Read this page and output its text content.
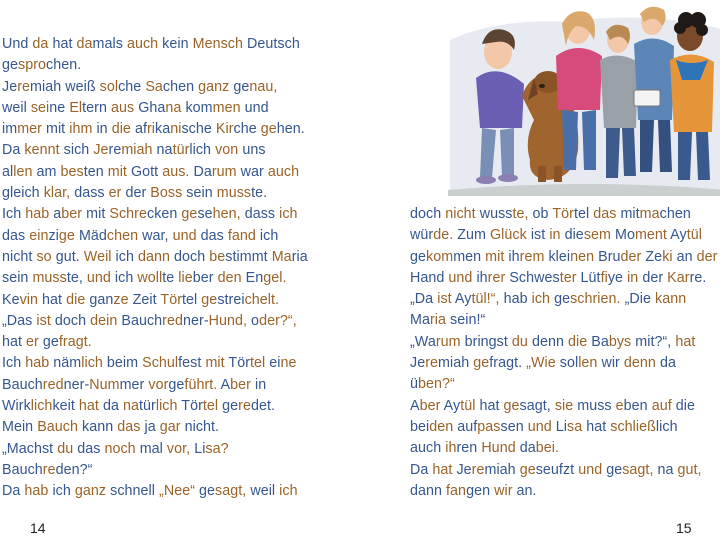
Und da hat damals auch kein Mensch Deutsch
gesprochen.
Jeremiah weiß solche Sachen ganz genau,
weil seine Eltern aus Ghana kommen und
immer mit ihm in die afrikanische Kirche gehen.
Da kennt sich Jeremiah natürlich von uns
allen am besten mit Gott aus. Darum war auch
gleich klar, dass er der Boss sein musste.
Ich hab aber mit Schrecken gesehen, dass ich
das einzige Mädchen war, und das fand ich
nicht so gut. Weil ich dann doch bestimmt Maria
sein musste, und ich wollte lieber den Engel.
Kevin hat die ganze Zeit Törtel gestreichelt.
„Das ist doch dein Bauchredner-Hund, oder?“,
hat er gefragt.
Ich hab nämlich beim Schulfest mit Törtel eine
Bauchredner-Nummer vorgeführt. Aber in
Wirklichkeit hat da natürlich Törtel geredet.
Mein Bauch kann das ja gar nicht.
„Machst du das noch mal vor, Lisa?
Bauchreden?“
Da hab ich ganz schnell „Nee“ gesagt, weil ich
14
doch nicht wusste, ob Törtel das mitmachen
würde. Zum Glück ist in diesem Moment Aytül
gekommen mit ihrem kleinen Bruder Zeki an der
Hand und ihrer Schwester Lütfiye in der Karre.
„Da ist Aytül!“, hab ich geschrien. „Die kann
Maria sein!“
„Warum bringst du denn die Babys mit?“, hat
Jeremiah gefragt. „Wie sollen wir denn da
üben?“
Aber Aytül hat gesagt, sie muss eben auf die
beiden aufpassen und Lisa hat schließlich
auch ihren Hund dabei.
Da hat Jeremiah geseufzt und gesagt, na gut,
dann fangen wir an.
15
